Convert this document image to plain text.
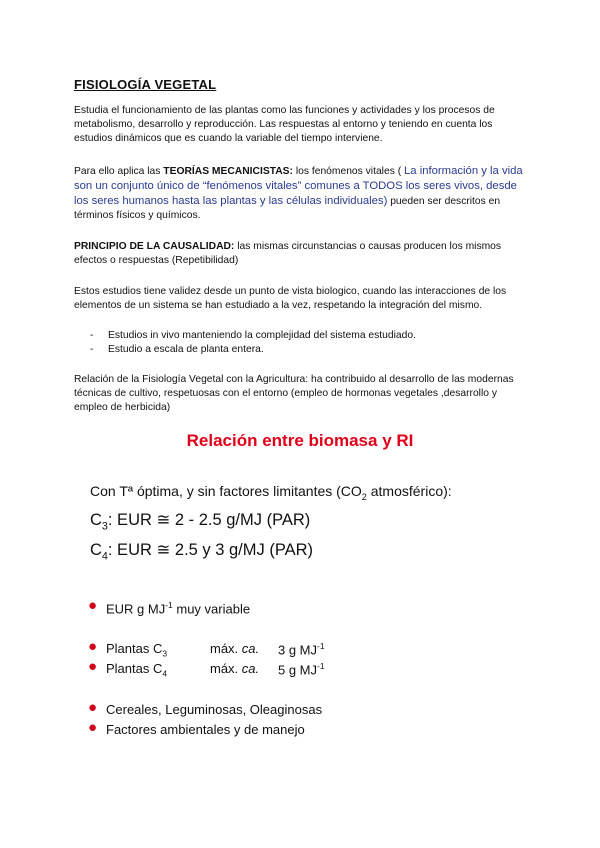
FISIOLOGÍA VEGETAL
Estudia el funcionamiento de las plantas como las funciones y actividades y los procesos de metabolismo, desarrollo y reproducción. Las respuestas al entorno y teniendo en cuenta los estudios dinámicos que es cuando la variable del tiempo interviene.
Para ello aplica las TEORÍAS MECANICISTAS: los fenómenos vitales ( La información y la vida son un conjunto único de “fenómenos vitales” comunes a TODOS los seres vivos, desde los seres humanos hasta las plantas y las células individuales) pueden ser descritos en términos físicos y químicos.
PRINCIPIO DE LA CAUSALIDAD: las mismas circunstancias o causas producen los mismos efectos o respuestas (Repetibilidad)
Estos estudios tiene validez desde un punto de vista biologico, cuando las interacciones de los elementos de un sistema se han estudiado a la vez, respetando la integración del mismo.
- Estudios in vivo manteniendo la complejidad del sistema estudiado.
- Estudio a escala de planta entera.
Relación de la Fisiología Vegetal con la Agricultura: ha contribuido al desarrollo de las modernas técnicas de cultivo, respetuosas con el entorno (empleo de hormonas vegetales ,desarrollo y empleo de herbicida)
Relación entre biomasa y RI
Con Tª óptima, y sin factores limitantes ($CO_2$ atmosférico):
$C_3$: EUR ≅ 2 - 2.5 g/MJ (PAR)
$C_4$: EUR ≅ 2.5 y 3 g/MJ (PAR)
● EUR g $MJ^{-1}$ muy variable
● Plantas $C_3$	máx. ca. 3 g $MJ^{-1}$
● Plantas $C_4$	máx. ca. 5 g $MJ^{-1}$
● Cereales, Leguminosas, Oleaginosas
● Factores ambientales y de manejo
